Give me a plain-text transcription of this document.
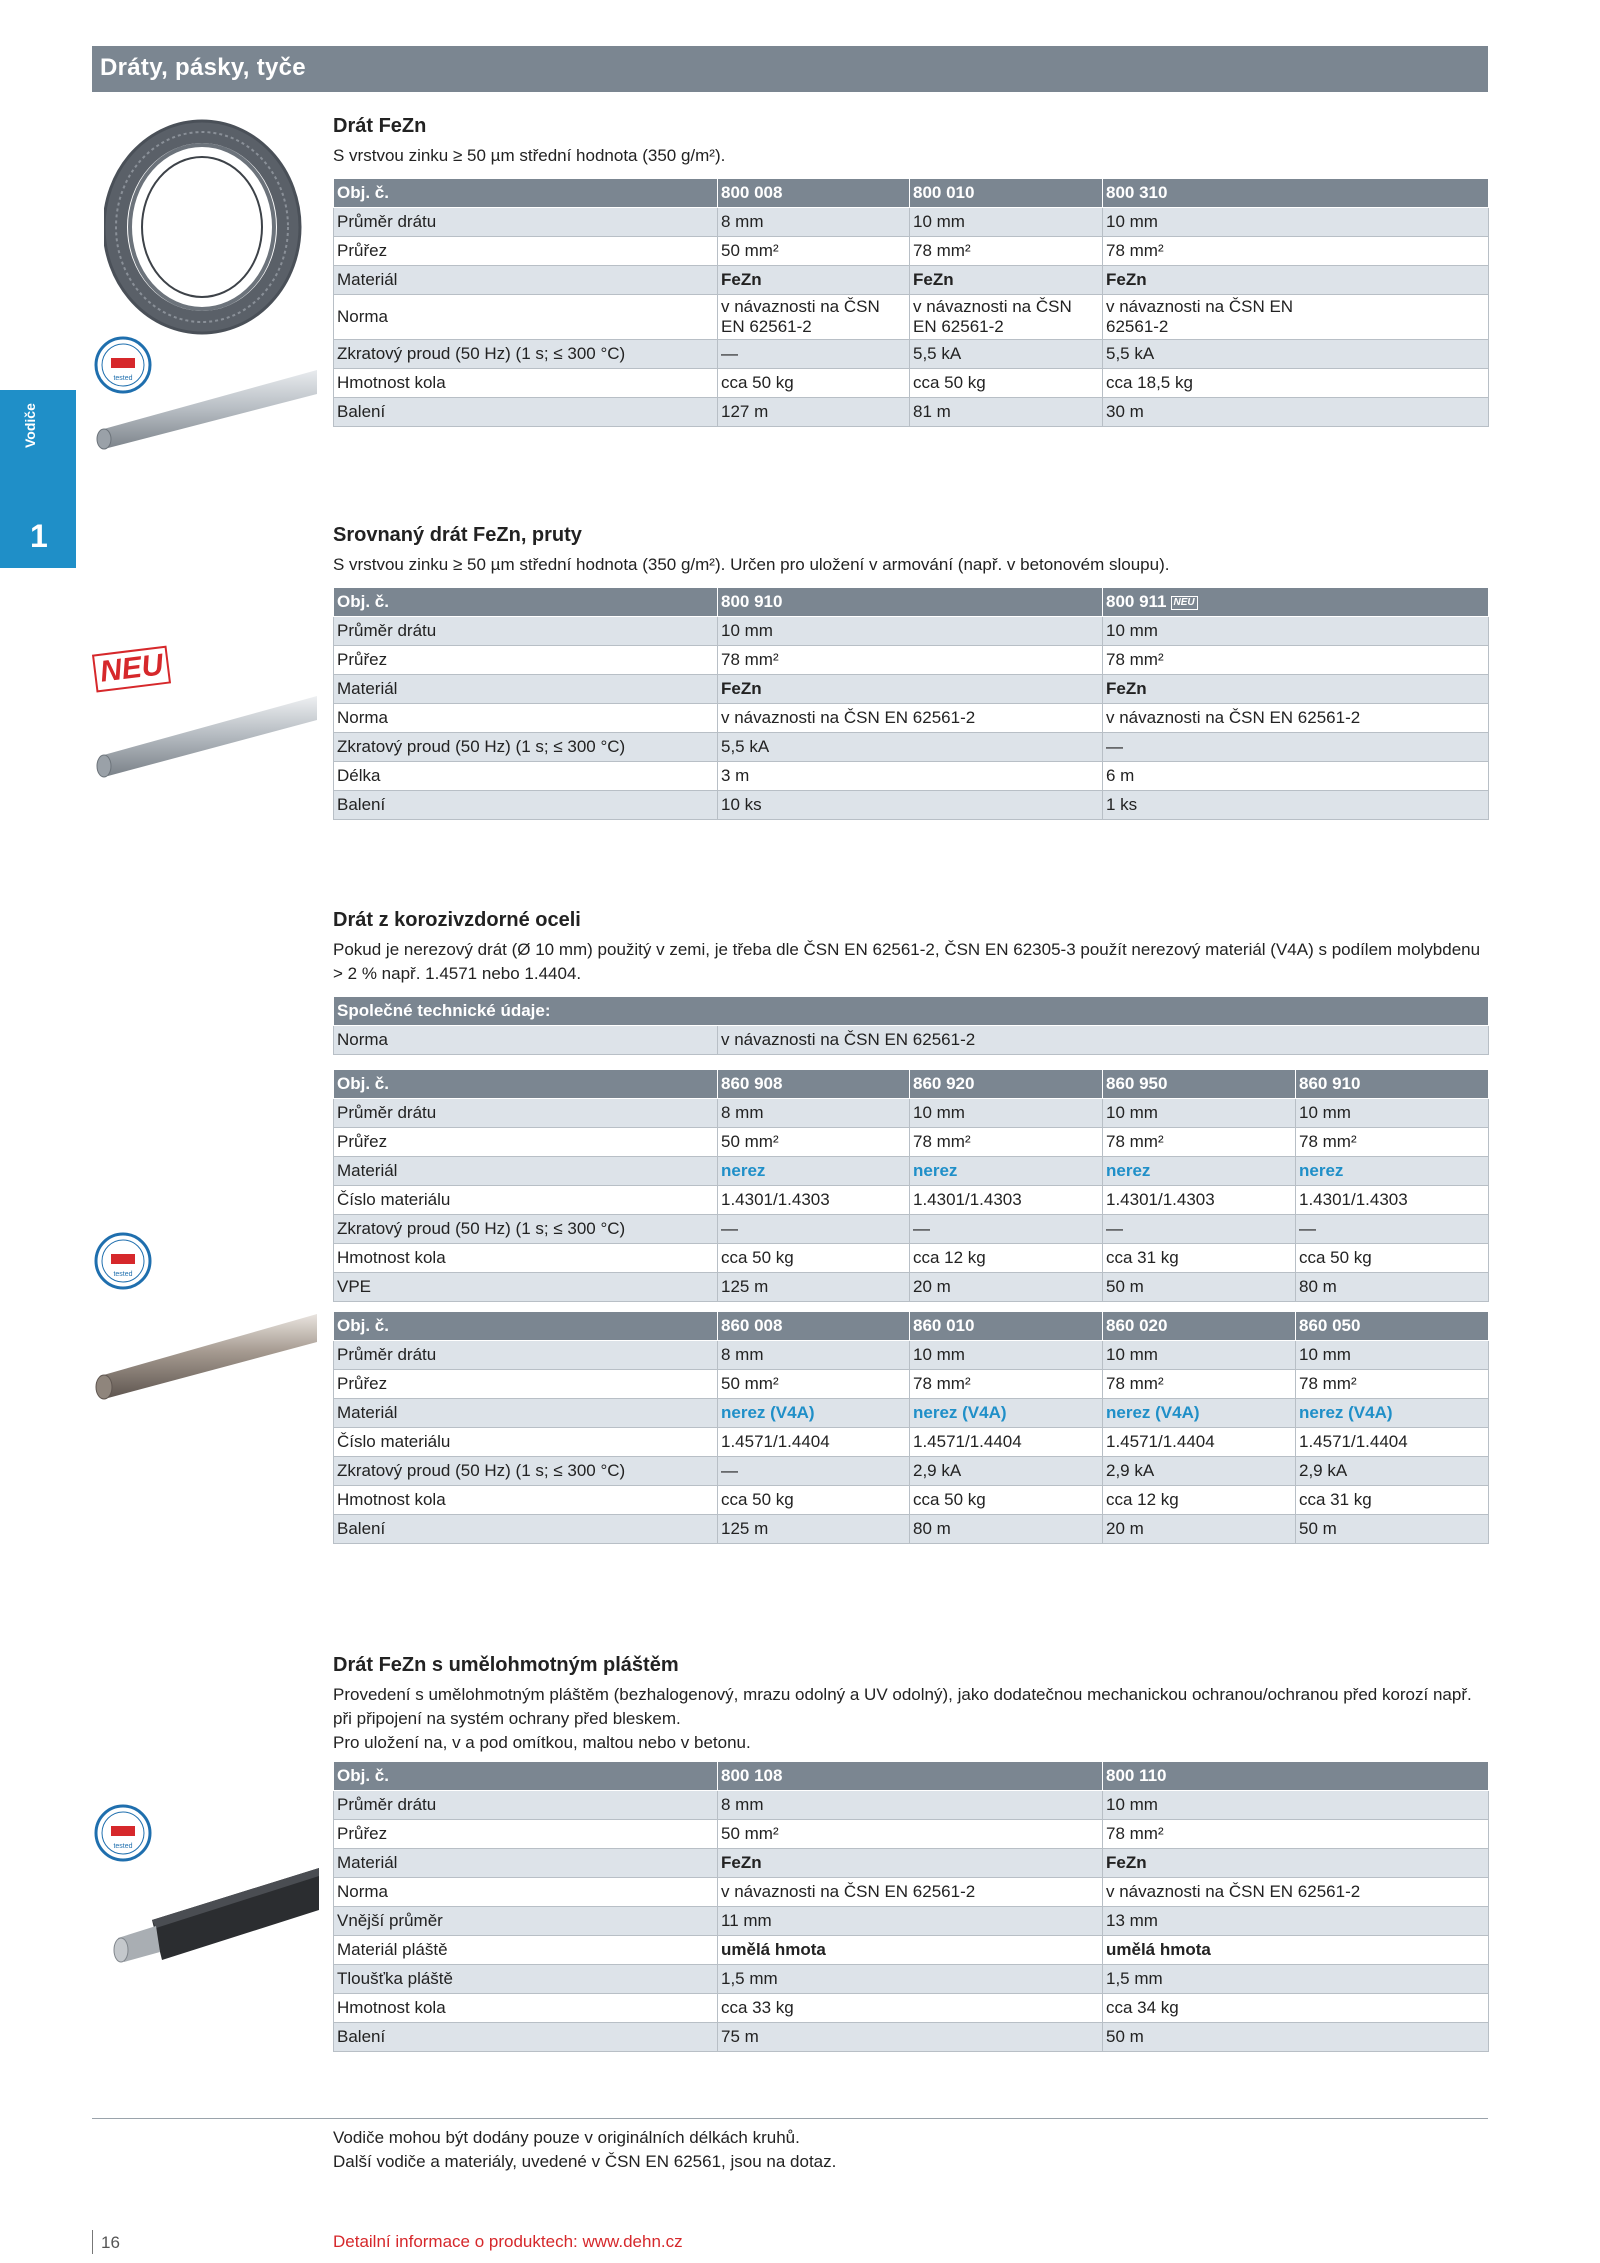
Dráty, pásky, tyče
Vodiče
1
tested
NEU
tested
tested
Drát FeZn
S vrstvou zinku ≥ 50 µm střední hodnota (350 g/m²).
Obj. č.	800 008	800 010	800 310
Průměr drátu	8 mm	10 mm	10 mm
Průřez	50 mm²	78 mm²	78 mm²
Materiál	FeZn	FeZn	FeZn
Norma	v návaznosti na ČSN EN 62561-2	v návaznosti na ČSN EN 62561-2	v návaznosti na ČSN EN 62561-2
Zkratový proud (50 Hz) (1 s; ≤ 300 °C)	—	5,5 kA	5,5 kA
Hmotnost kola	cca 50 kg	cca 50 kg	cca 18,5 kg
Balení	127 m	81 m	30 m
Srovnaný drát FeZn, pruty
S vrstvou zinku ≥ 50 µm střední hodnota (350 g/m²). Určen pro uložení v armování (např. v betonovém sloupu).
Obj. č.	800 910	800 911 NEU
Průměr drátu	10 mm	10 mm
Průřez	78 mm²	78 mm²
Materiál	FeZn	FeZn
Norma	v návaznosti na ČSN EN 62561-2	v návaznosti na ČSN EN 62561-2
Zkratový proud (50 Hz) (1 s; ≤ 300 °C)	5,5 kA	—
Délka	3 m	6 m
Balení	10 ks	1 ks
Drát z korozivzdorné oceli
Pokud je nerezový drát (Ø 10 mm) použitý v zemi, je třeba dle ČSN EN 62561-2, ČSN EN 62305-3 použít nerezový materiál (V4A) s podílem molybdenu > 2 % např. 1.4571 nebo 1.4404.
Společné technické údaje:
Norma	v návaznosti na ČSN EN 62561-2
Obj. č.	860 908	860 920	860 950	860 910
Průměr drátu	8 mm	10 mm	10 mm	10 mm
Průřez	50 mm²	78 mm²	78 mm²	78 mm²
Materiál	nerez	nerez	nerez	nerez
Číslo materiálu	1.4301/1.4303	1.4301/1.4303	1.4301/1.4303	1.4301/1.4303
Zkratový proud (50 Hz) (1 s; ≤ 300 °C)	—	—	—	—
Hmotnost kola	cca 50 kg	cca 12 kg	cca 31 kg	cca 50 kg
VPE	125 m	20 m	50 m	80 m
Obj. č.	860 008	860 010	860 020	860 050
Průměr drátu	8 mm	10 mm	10 mm	10 mm
Průřez	50 mm²	78 mm²	78 mm²	78 mm²
Materiál	nerez (V4A)	nerez (V4A)	nerez (V4A)	nerez (V4A)
Číslo materiálu	1.4571/1.4404	1.4571/1.4404	1.4571/1.4404	1.4571/1.4404
Zkratový proud (50 Hz) (1 s; ≤ 300 °C)	—	2,9 kA	2,9 kA	2,9 kA
Hmotnost kola	cca 50 kg	cca 50 kg	cca 12 kg	cca 31 kg
Balení	125 m	80 m	20 m	50 m
Drát FeZn s umělohmotným pláštěm
Provedení s umělohmotným pláštěm (bezhalogenový, mrazu odolný a UV odolný), jako dodatečnou mechanickou ochranou/ochranou před korozí např. při připojení na systém ochrany před bleskem.
Pro uložení na, v a pod omítkou, maltou nebo v betonu.
Obj. č.	800 108	800 110
Průměr drátu	8 mm	10 mm
Průřez	50 mm²	78 mm²
Materiál	FeZn	FeZn
Norma	v návaznosti na ČSN EN 62561-2	v návaznosti na ČSN EN 62561-2
Vnější průměr	11 mm	13 mm
Materiál pláště	umělá hmota	umělá hmota
Tloušťka pláště	1,5 mm	1,5 mm
Hmotnost kola	cca 33 kg	cca 34 kg
Balení	75 m	50 m
Vodiče mohou být dodány pouze v originálních délkách kruhů.
Další vodiče a materiály, uvedené v ČSN EN 62561, jsou na dotaz.
16	Detailní informace o produktech: www.dehn.cz
